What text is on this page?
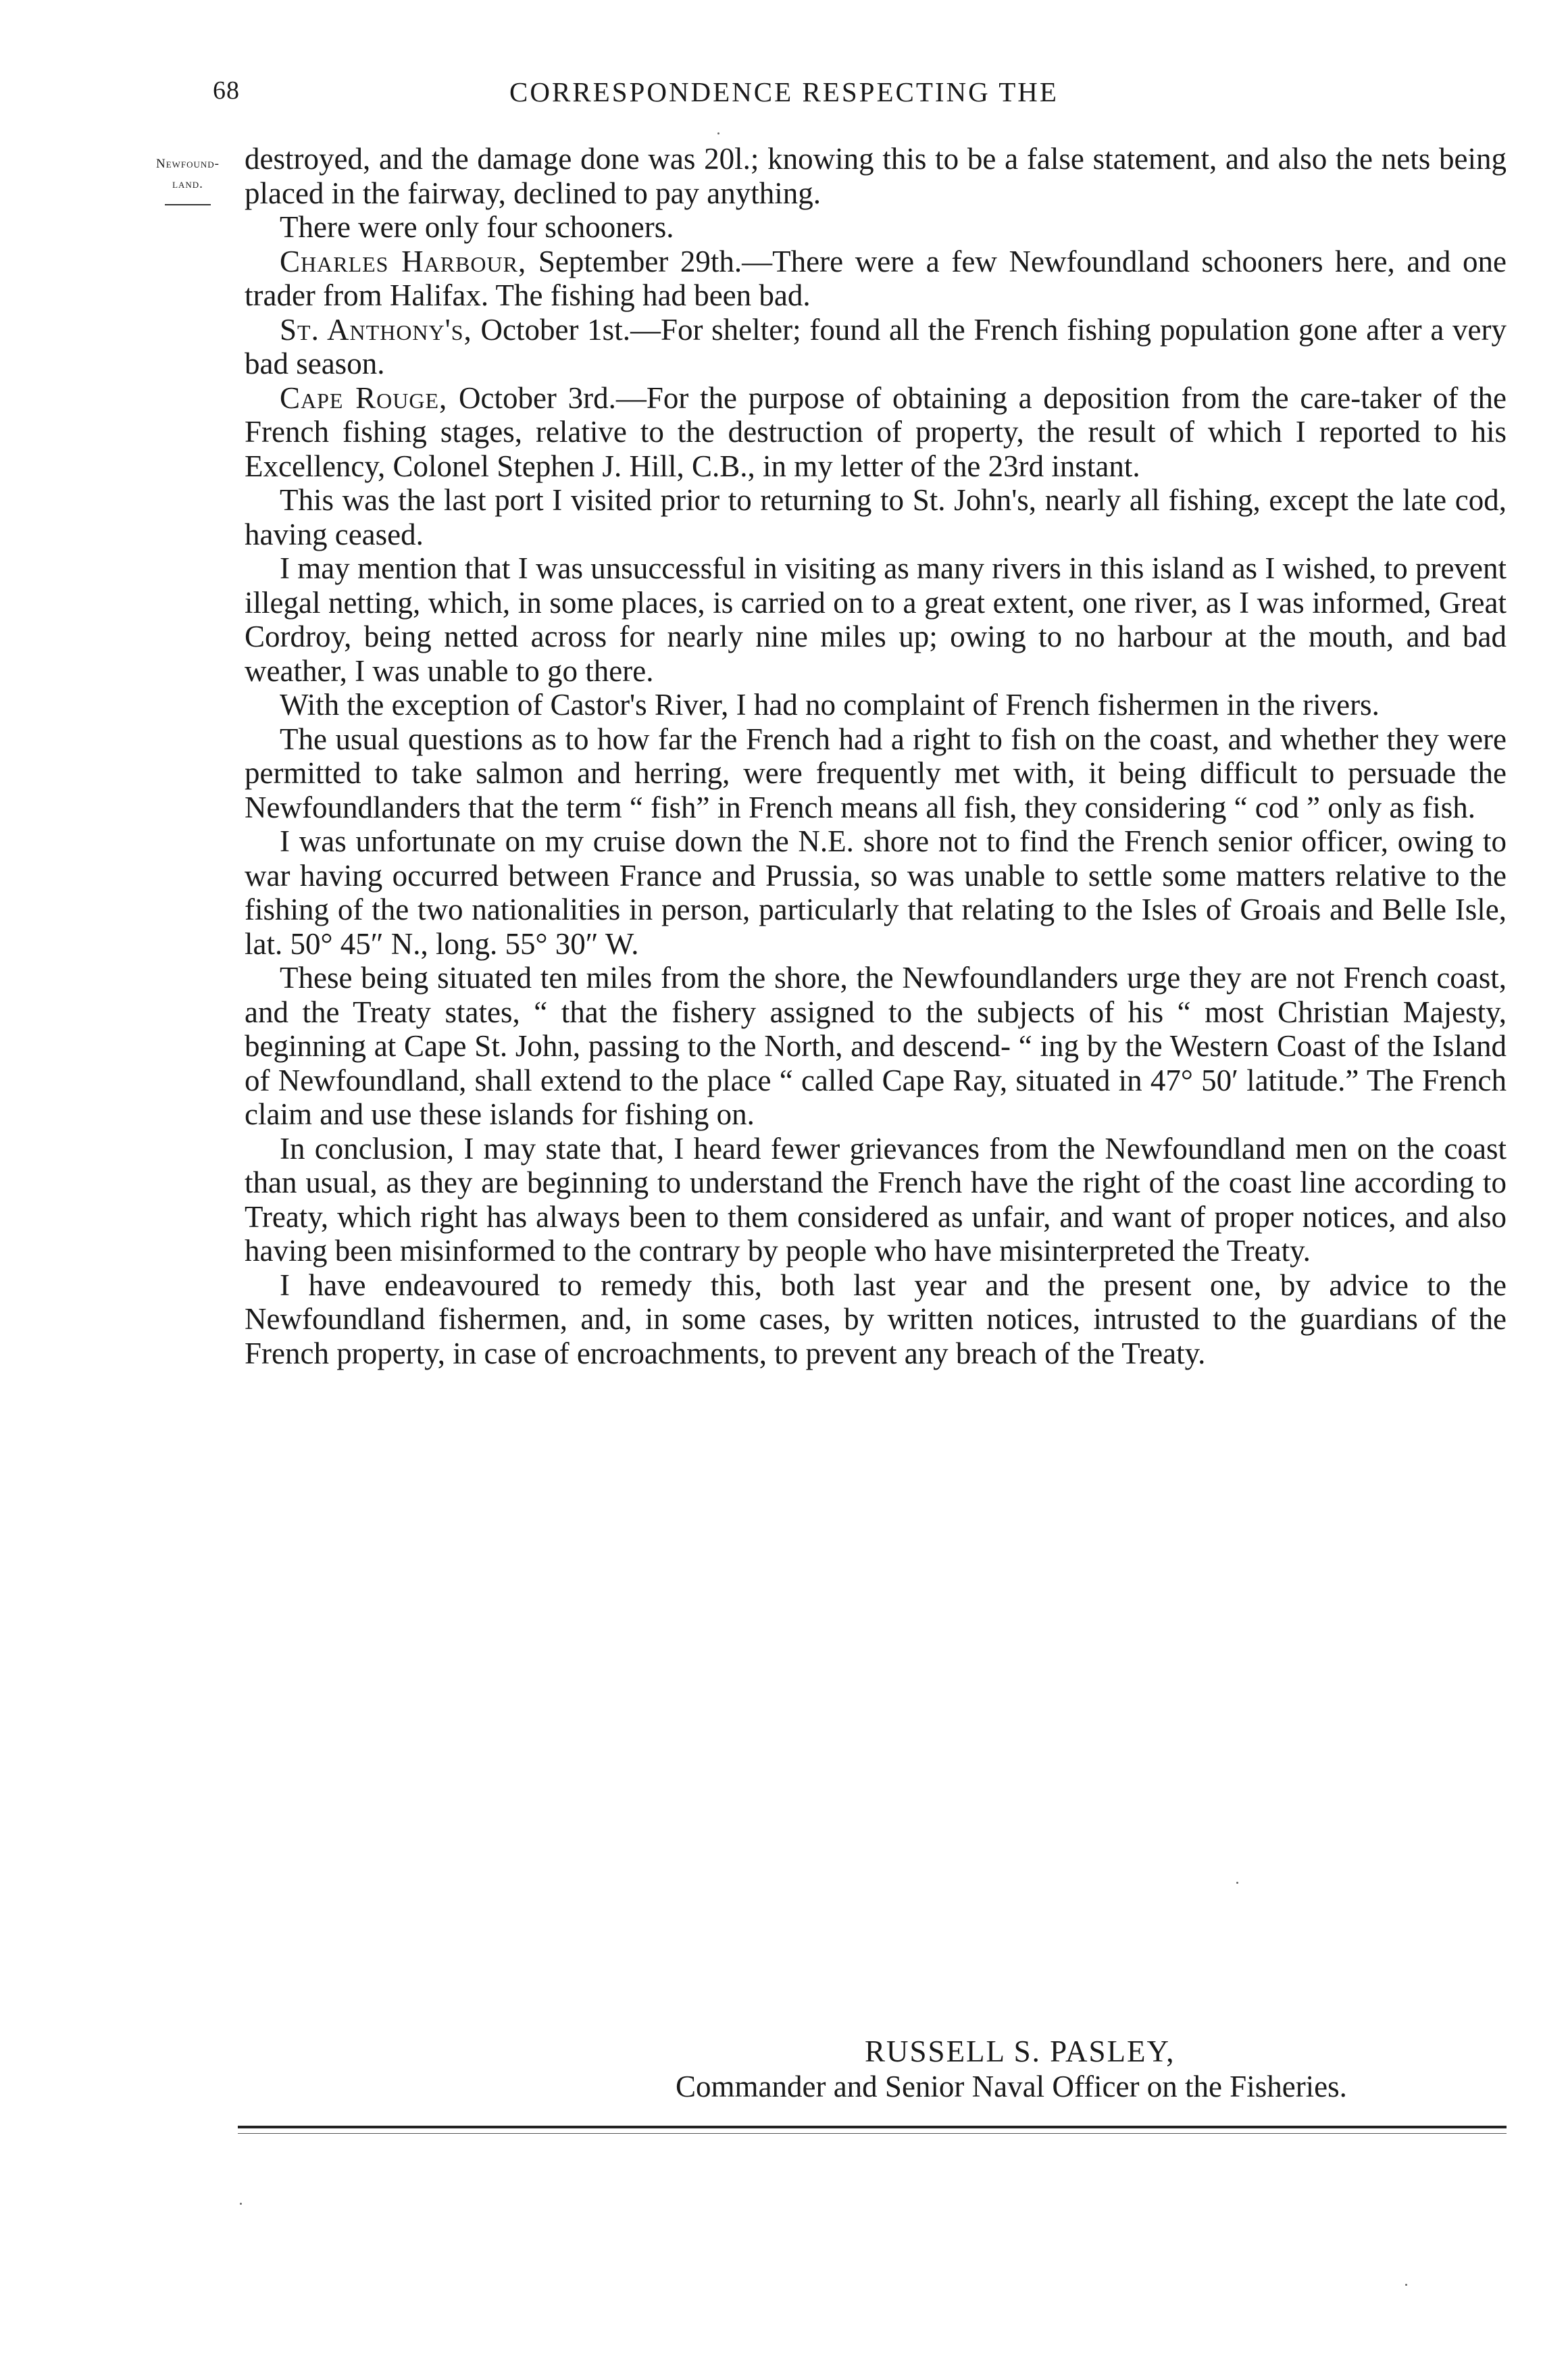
68	CORRESPONDENCE RESPECTING THE
Newfound-
land.

destroyed, and the damage done was 20l.; knowing this to be a false statement, and also the nets being placed in the fairway, declined to pay anything.

There were only four schooners.

Charles Harbour, September 29th.—There were a few Newfoundland schooners here, and one trader from Halifax. The fishing had been bad.

St. Anthony's, October 1st.—For shelter; found all the French fishing population gone after a very bad season.

Cape Rouge, October 3rd.—For the purpose of obtaining a deposition from the care-taker of the French fishing stages, relative to the destruction of property, the result of which I reported to his Excellency, Colonel Stephen J. Hill, C.B., in my letter of the 23rd instant.

This was the last port I visited prior to returning to St. John's, nearly all fishing, except the late cod, having ceased.

I may mention that I was unsuccessful in visiting as many rivers in this island as I wished, to prevent illegal netting, which, in some places, is carried on to a great extent, one river, as I was informed, Great Cordroy, being netted across for nearly nine miles up; owing to no harbour at the mouth, and bad weather, I was unable to go there.

With the exception of Castor's River, I had no complaint of French fishermen in the rivers.

The usual questions as to how far the French had a right to fish on the coast, and whether they were permitted to take salmon and herring, were frequently met with, it being difficult to persuade the Newfoundlanders that the term “ fish” in French means all fish, they considering “ cod ” only as fish.

I was unfortunate on my cruise down the N.E. shore not to find the French senior officer, owing to war having occurred between France and Prussia, so was unable to settle some matters relative to the fishing of the two nationalities in person, particularly that relating to the Isles of Groais and Belle Isle, lat. 50° 45″ N., long. 55° 30″ W.

These being situated ten miles from the shore, the Newfoundlanders urge they are not French coast, and the Treaty states, “ that the fishery assigned to the subjects of his “ most Christian Majesty, beginning at Cape St. John, passing to the North, and descend- “ ing by the Western Coast of the Island of Newfoundland, shall extend to the place “ called Cape Ray, situated in 47° 50′ latitude.” The French claim and use these islands for fishing on.

In conclusion, I may state that, I heard fewer grievances from the Newfoundland men on the coast than usual, as they are beginning to understand the French have the right of the coast line according to Treaty, which right has always been to them considered as unfair, and want of proper notices, and also having been misinformed to the contrary by people who have misinterpreted the Treaty.

I have endeavoured to remedy this, both last year and the present one, by advice to the Newfoundland fishermen, and, in some cases, by written notices, intrusted to the guardians of the French property, in case of encroachments, to prevent any breach of the Treaty.

RUSSELL S. PASLEY,
Commander and Senior Naval Officer on the Fisheries.
